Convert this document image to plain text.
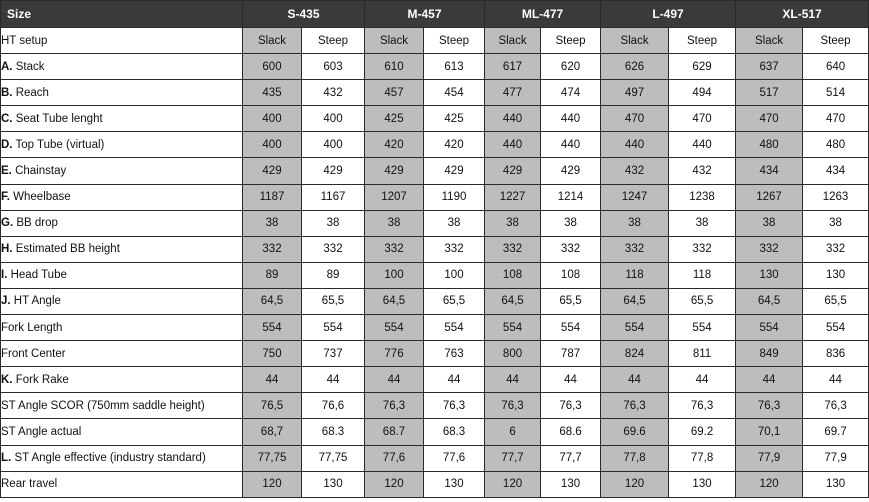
Size	S-435		M-457		ML-477		L-497		XL-517	
HT setup	Slack	Steep	Slack	Steep	Slack	Steep	Slack	Steep	Slack	Steep
A. Stack	600	603	610	613	617	620	626	629	637	640
B. Reach	435	432	457	454	477	474	497	494	517	514
C. Seat Tube lenght	400	400	425	425	440	440	470	470	470	470
D. Top Tube (virtual)	400	400	420	420	440	440	440	440	480	480
E. Chainstay	429	429	429	429	429	429	432	432	434	434
F. Wheelbase	1187	1167	1207	1190	1227	1214	1247	1238	1267	1263
G. BB drop	38	38	38	38	38	38	38	38	38	38
H. Estimated BB height	332	332	332	332	332	332	332	332	332	332
I. Head Tube	89	89	100	100	108	108	118	118	130	130
J. HT Angle	64,5	65,5	64,5	65,5	64,5	65,5	64,5	65,5	64,5	65,5
Fork Length	554	554	554	554	554	554	554	554	554	554
Front Center	750	737	776	763	800	787	824	811	849	836
K. Fork Rake	44	44	44	44	44	44	44	44	44	44
ST Angle SCOR (750mm saddle height)	76,5	76,6	76,3	76,3	76,3	76,3	76,3	76,3	76,3	76,3
ST Angle actual	68,7	68.3	68.7	68.3	6	68.6	69.6	69.2	70,1	69.7
L. ST Angle effective (industry standard)	77,75	77,75	77,6	77,6	77,7	77,7	77,8	77,8	77,9	77,9
Rear travel	120	130	120	130	120	130	120	130	120	130
